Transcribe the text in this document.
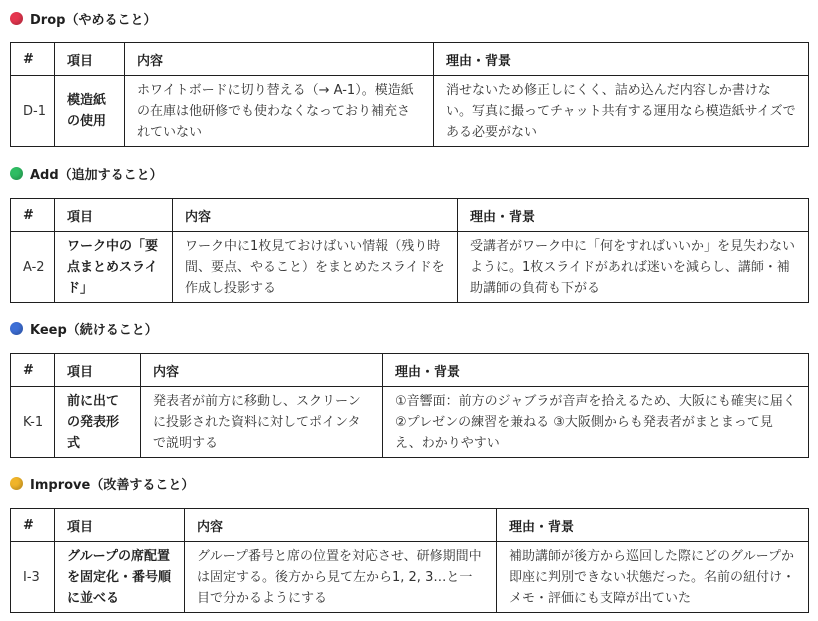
Drop（やめること）
#	項目	内容	理由・背景
D-1	模造紙の使用	ホワイトボードに切り替える（→ A-1）。模造紙の在庫は他研修でも使わなくなっており補充されていない	消せないため修正しにくく、詰め込んだ内容しか書けない。写真に撮ってチャット共有する運用なら模造紙サイズである必要がない
Add（追加すること）
#	項目	内容	理由・背景
A-2	ワーク中の「要点まとめスライド」	ワーク中に1枚見ておけばいい情報（残り時間、要点、やること）をまとめたスライドを作成し投影する	受講者がワーク中に「何をすればいいか」を見失わないように。1枚スライドがあれば迷いを減らし、講師・補助講師の負荷も下がる
Keep（続けること）
#	項目	内容	理由・背景
K-1	前に出ての発表形式	発表者が前方に移動し、スクリーンに投影された資料に対してポインタで説明する	①音響面：前方のジャブラが音声を拾えるため、大阪にも確実に届く ②プレゼンの練習を兼ねる ③大阪側からも発表者がまとまって見え、わかりやすい
Improve（改善すること）
#	項目	内容	理由・背景
I-3	グループの席配置を固定化・番号順に並べる	グループ番号と席の位置を対応させ、研修期間中は固定する。後方から見て左から1, 2, 3…と一目で分かるようにする	補助講師が後方から巡回した際にどのグループか即座に判別できない状態だった。名前の紐付け・メモ・評価にも支障が出ていた
